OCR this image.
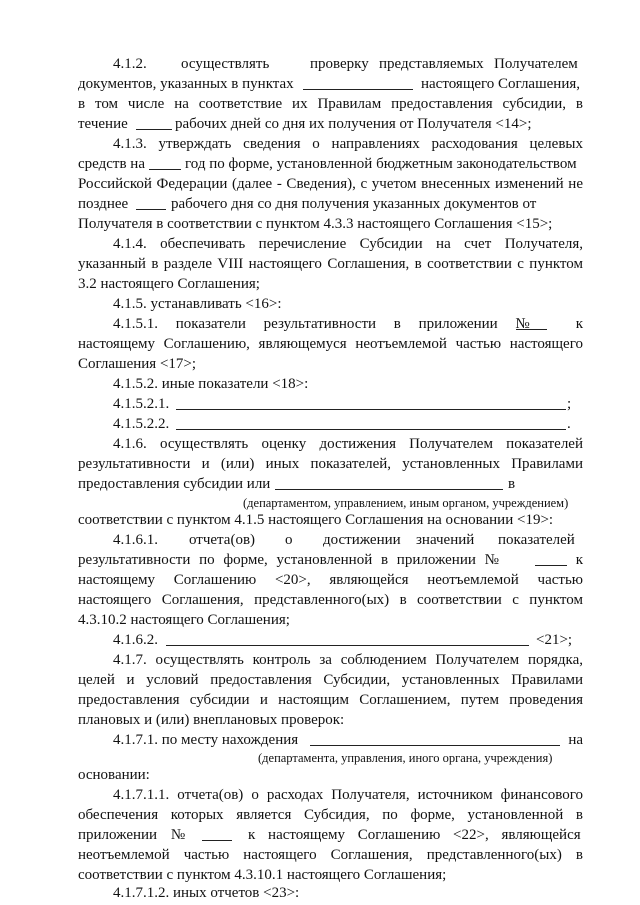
4.1.2. осуществлять	проверку представляемых Получателем
документов, указанных в пунктах	настоящего Соглашения,
в том числе на соответствие их Правилам предоставления субсидии, в
течение	рабочих дней со дня их получения от Получателя <14>;
4.1.3. утверждать сведения о направлениях расходования целевых
средств на	год по форме, установленной бюджетным законодательством
Российской Федерации (далее - Сведения), с учетом внесенных изменений не
позднее	рабочего дня со дня получения указанных документов от
Получателя в соответствии с пунктом 4.3.3 настоящего Соглашения <15>;
4.1.4. обеспечивать перечисление Субсидии на счет Получателя,
указанный в разделе VIII настоящего Соглашения, в соответствии с пунктом
3.2 настоящего Соглашения;
4.1.5. устанавливать <16>:
4.1.5.1. показатели результативности в приложении №	к
настоящему Соглашению, являющемуся неотъемлемой частью настоящего
Соглашения <17>;
4.1.5.2. иные показатели <18>:
4.1.5.2.1.	;
4.1.5.2.2.	.
4.1.6. осуществлять оценку достижения Получателем показателей
результативности и (или) иных показателей, установленных Правилами
предоставления субсидии или	в
(департаментом, управлением, иным органом, учреждением)
соответствии с пунктом 4.1.5 настоящего Соглашения на основании <19>:
4.1.6.1. отчета(ов) о достижении значений показателей
результативности по форме, установленной в приложении №	к
настоящему Соглашению <20>, являющейся неотъемлемой частью
настоящего Соглашения, представленного(ых) в соответствии с пунктом
4.3.10.2 настоящего Соглашения;
4.1.6.2.	<21>;
4.1.7. осуществлять контроль за соблюдением Получателем порядка,
целей и условий предоставления Субсидии, установленных Правилами
предоставления субсидии и настоящим Соглашением, путем проведения
плановых и (или) внеплановых проверок:
4.1.7.1. по месту нахождения	на
(департамента, управления, иного органа, учреждения)
основании:
4.1.7.1.1. отчета(ов) о расходах Получателя, источником финансового
обеспечения которых является Субсидия, по форме, установленной в
приложении №	к настоящему Соглашению <22>, являющейся
неотъемлемой частью настоящего Соглашения, представленного(ых) в
соответствии с пунктом 4.3.10.1 настоящего Соглашения;
4.1.7.1.2. иных отчетов <23>:
